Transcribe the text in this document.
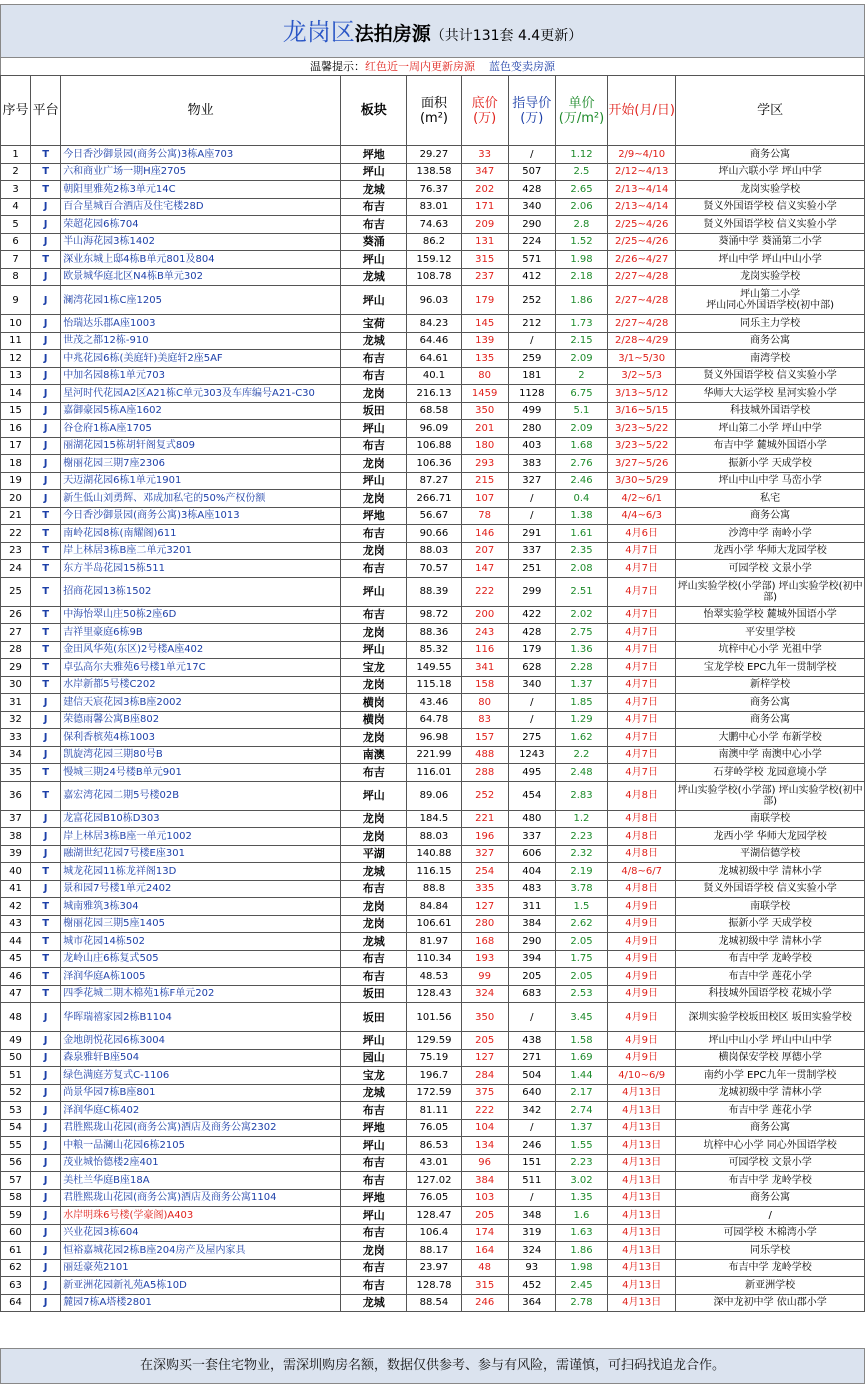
龙岗区法拍房源（共计131套 4.4更新）
温馨提示：红色近一周内更新房源 蓝色变卖房源
序号	平台	物业	板块	面积(m²)	底价(万)	指导价(万)	单价(万/m²)	开始(月/日)	学区
1	T	今日香沙御景园(商务公寓)3栋A座703	坪地	29.27	33	/	1.12	2/9~4/10	商务公寓
2	T	六和商业广场一期H座2705	坪山	138.58	347	507	2.5	2/12~4/13	坪山六联小学 坪山中学
3	T	朝阳里雅苑2栋3单元14C	龙城	76.37	202	428	2.65	2/13~4/14	龙岗实验学校
4	J	百合星城百合酒店及住宅楼28D	布吉	83.01	171	340	2.06	2/13~4/14	贤义外国语学校 信义实验小学
5	J	荣超花园6栋704	布吉	74.63	209	290	2.8	2/25~4/26	贤义外国语学校 信义实验小学
6	J	半山海花园3栋1402	葵涌	86.2	131	224	1.52	2/25~4/26	葵涌中学 葵涌第二小学
7	T	深业东城上邸4栋B单元801及804	坪山	159.12	315	571	1.98	2/26~4/27	坪山中学 坪山中山小学
8	J	欧景城华庭北区N4栋B单元302	龙城	108.78	237	412	2.18	2/27~4/28	龙岗实验学校
9	J	澜湾花园1栋C座1205	坪山	96.03	179	252	1.86	2/27~4/28	坪山第二小学
坪山同心外国语学校(初中部)
10	J	怡瑞达乐郡A座1003	宝荷	84.23	145	212	1.73	2/27~4/28	同乐主力学校
11	J	世茂之都12栋-910	龙城	64.46	139	/	2.15	2/28~4/29	商务公寓
12	J	中兆花园6栋(美庭轩)美庭轩2座5AF	布吉	64.61	135	259	2.09	3/1~5/30	南湾学校
13	J	中加名园8栋1单元703	布吉	40.1	80	181	2	3/2~5/3	贤义外国语学校 信义实验小学
14	J	星河时代花园A2区A21栋C单元303及车库编号A21-C30	龙岗	216.13	1459	1128	6.75	3/13~5/12	华师大大运学校 星河实验小学
15	J	嘉御豪园5栋A座1602	坂田	68.58	350	499	5.1	3/16~5/15	科技城外国语学校
16	J	谷仓府1栋A座1705	坪山	96.09	201	280	2.09	3/23~5/22	坪山第二小学 坪山中学
17	J	丽湖花园15栋胡轩阁复式809	布吉	106.88	180	403	1.68	3/23~5/22	布吉中学 麓城外国语小学
18	J	榭丽花园三期7座2306	龙岗	106.36	293	383	2.76	3/27~5/26	振新小学 天成学校
19	J	天迈湖花园6栋1单元1901	坪山	87.27	215	327	2.46	3/30~5/29	坪山中山中学 马峦小学
20	J	新生低山刘勇辉、邓成加私宅的50%产权份额	龙岗	266.71	107	/	0.4	4/2~6/1	私宅
21	T	今日香沙御景园(商务公寓)3栋A座1013	坪地	56.67	78	/	1.38	4/4~6/3	商务公寓
22	T	南岭花园8栋(南耀阁)611	布吉	90.66	146	291	1.61	4月6日	沙湾中学 南岭小学
23	T	岸上林居3栋B座二单元3201	龙岗	88.03	207	337	2.35	4月7日	龙西小学 华师大龙园学校
24	T	东方半岛花园15栋511	布吉	70.57	147	251	2.08	4月7日	可园学校 文景小学
25	T	招商花园13栋1502	坪山	88.39	222	299	2.51	4月7日	坪山实验学校(小学部) 坪山实验学校(初中部)
26	T	中海怡翠山庄50栋2座6D	布吉	98.72	200	422	2.02	4月7日	怡翠实验学校 麓城外国语小学
27	T	吉祥里豪庭6栋9B	龙岗	88.36	243	428	2.75	4月7日	平安里学校
28	T	金田风华苑(东区)2号楼A座402	坪山	85.32	116	179	1.36	4月7日	坑梓中心小学 光祖中学
29	T	卓弘高尔夫雅苑6号楼1单元17C	宝龙	149.55	341	628	2.28	4月7日	宝龙学校 EPC九年一贯制学校
30	T	水岸新都5号楼C202	龙岗	115.18	158	340	1.37	4月7日	新梓学校
31	J	建信天宸花园3栋B座2002	横岗	43.46	80	/	1.85	4月7日	商务公寓
32	J	荣德雨馨公寓B座802	横岗	64.78	83	/	1.29	4月7日	商务公寓
33	J	保利香槟苑4栋1003	龙岗	96.98	157	275	1.62	4月7日	大鹏中心小学 布新学校
34	J	凯旋湾花园三期80号B	南澳	221.99	488	1243	2.2	4月7日	南澳中学 南澳中心小学
35	T	慢城三期24号楼B单元901	布吉	116.01	288	495	2.48	4月7日	石芽岭学校 龙园意境小学
36	T	嘉宏湾花园二期5号楼02B	坪山	89.06	252	454	2.83	4月8日	坪山实验学校(小学部) 坪山实验学校(初中部)
37	J	龙富花园B10栋D303	龙岗	184.5	221	480	1.2	4月8日	南联学校
38	J	岸上林居3栋B座一单元1002	龙岗	88.03	196	337	2.23	4月8日	龙西小学 华师大龙园学校
39	J	融湖世纪花园7号楼E座301	平湖	140.88	327	606	2.32	4月8日	平湖信德学校
40	T	城龙花园11栋龙祥阁13D	龙城	116.15	254	404	2.19	4/8~6/7	龙城初级中学 清林小学
41	J	景和园7号楼1单元2402	布吉	88.8	335	483	3.78	4月8日	贤义外国语学校 信义实验小学
42	T	城南雅筑3栋304	龙岗	84.84	127	311	1.5	4月9日	南联学校
43	T	榭丽花园三期5座1405	龙岗	106.61	280	384	2.62	4月9日	振新小学 天成学校
44	T	城市花园14栋502	龙城	81.97	168	290	2.05	4月9日	龙城初级中学 清林小学
45	T	龙岭山庄6栋复式505	布吉	110.34	193	394	1.75	4月9日	布吉中学 龙岭学校
46	T	泽润华庭A栋1005	布吉	48.53	99	205	2.05	4月9日	布吉中学 莲花小学
47	T	四季花城二期木棉苑1栋F单元202	坂田	128.43	324	683	2.53	4月9日	科技城外国语学校 花城小学
48	J	华晖瑞禧家园2栋B1104	坂田	101.56	350	/	3.45	4月9日	深圳实验学校坂田校区 坂田实验学校
49	J	金地朗悦花园6栋3004	坪山	129.59	205	438	1.58	4月9日	坪山中山小学 坪山中山中学
50	J	森泉雅轩B座504	园山	75.19	127	271	1.69	4月9日	横岗保安学校 厚德小学
51	J	绿色满庭芳复式C-1106	宝龙	196.7	284	504	1.44	4/10~6/9	南约小学 EPC九年一贯制学校
52	J	尚景华园7栋B座801	龙城	172.59	375	640	2.17	4月13日	龙城初级中学 清林小学
53	J	泽润华庭C栋402	布吉	81.11	222	342	2.74	4月13日	布吉中学 莲花小学
54	J	君胜熙珑山花园(商务公寓)酒店及商务公寓2302	坪地	76.05	104	/	1.37	4月13日	商务公寓
55	J	中粮一品澜山花园6栋2105	坪山	86.53	134	246	1.55	4月13日	坑梓中心小学 同心外国语学校
56	J	茂业城怡德楼2座401	布吉	43.01	96	151	2.23	4月13日	可园学校 文景小学
57	J	美杜兰华庭B座18A	布吉	127.02	384	511	3.02	4月13日	布吉中学 龙岭学校
58	J	君胜熙珑山花园(商务公寓)酒店及商务公寓1104	坪地	76.05	103	/	1.35	4月13日	商务公寓
59	J	水岸明珠6号楼(学豪阁)A403	坪山	128.47	205	348	1.6	4月13日	/
60	J	兴业花园3栋604	布吉	106.4	174	319	1.63	4月13日	可园学校 木棉湾小学
61	J	恒裕嘉城花园2栋B座204房产及屋内家具	龙岗	88.17	164	324	1.86	4月13日	同乐学校
62	J	丽廷豪苑2101	布吉	23.97	48	93	1.98	4月13日	布吉中学 龙岭学校
63	J	新亚洲花园新礼苑A5栋10D	布吉	128.78	315	452	2.45	4月13日	新亚洲学校
64	J	麓园7栋A塔楼2801	龙城	88.54	246	364	2.78	4月13日	深中龙初中学 依山郡小学
在深购买一套住宅物业，需深圳购房名额，数据仅供参考、参与有风险，需谨慎，可扫码找追龙合作。
